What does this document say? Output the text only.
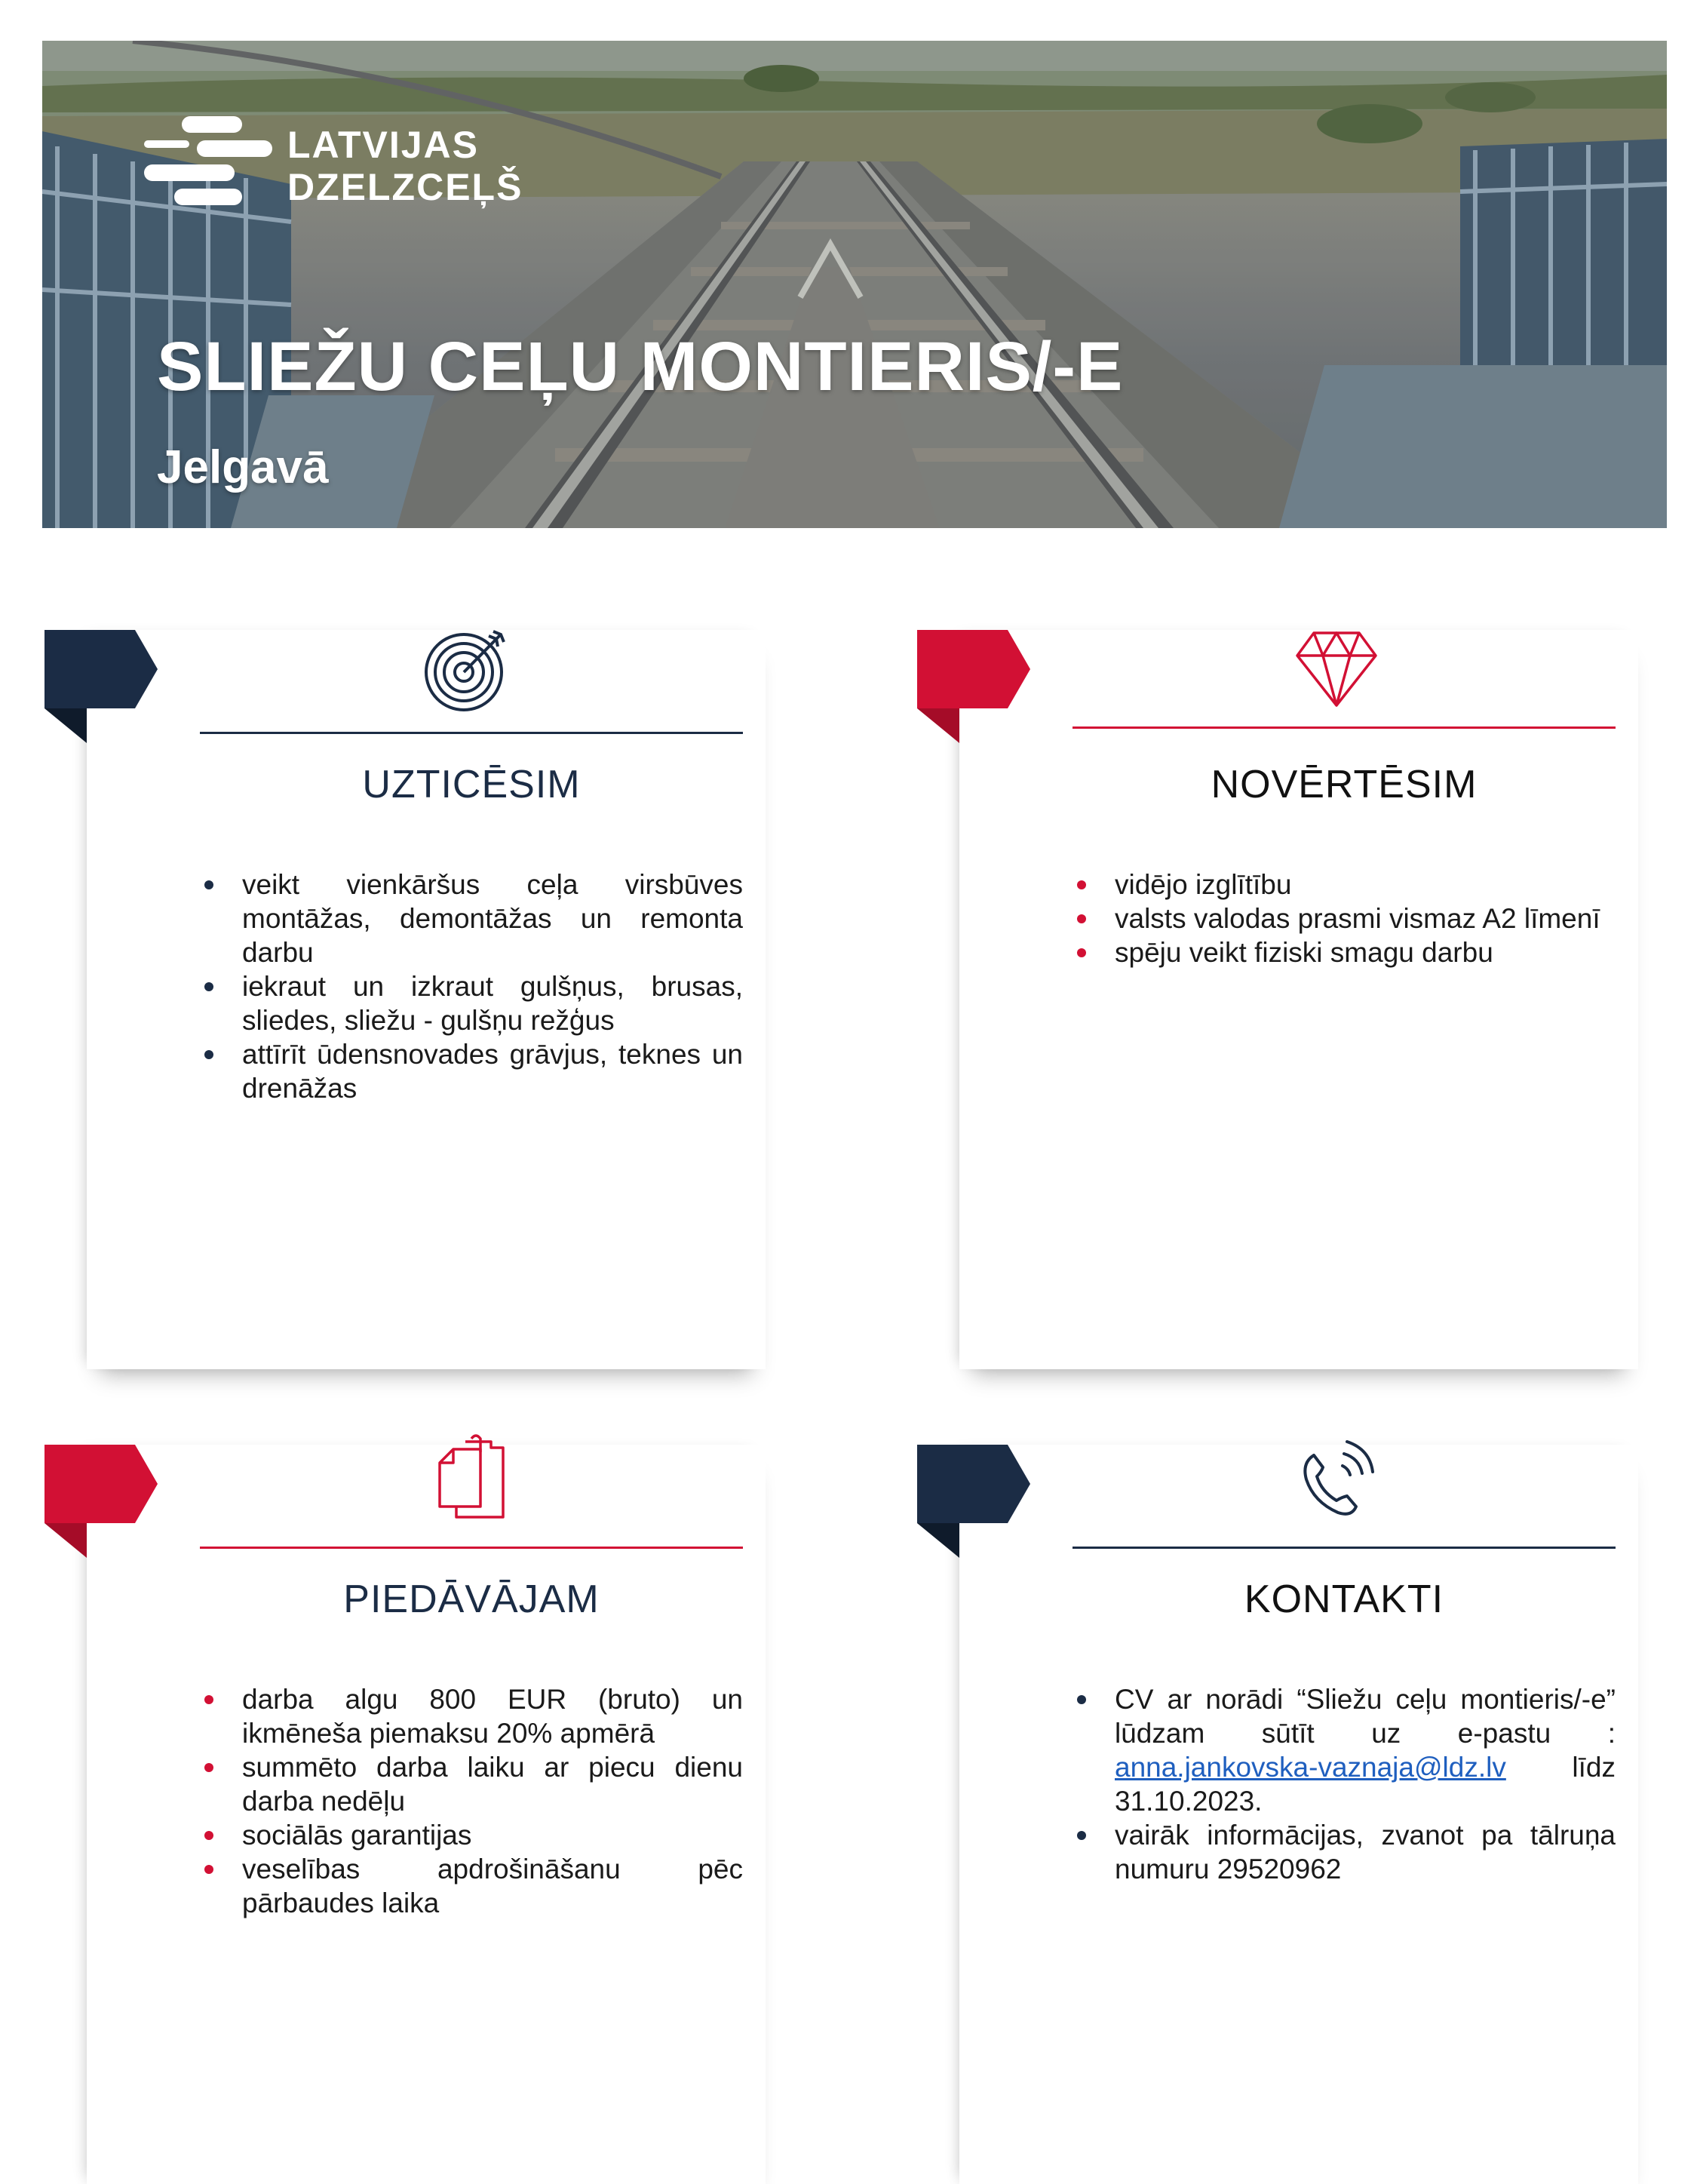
LATVIJAS
DZELZCEĻŠ
SLIEŽU CEĻU MONTIERIS/-E
Jelgavā
UZTICĒSIM
veikt vienkāršus ceļa virsbūves montāžas, demontāžas un remonta darbu
iekraut un izkraut gulšņus, brusas, sliedes, sliežu - gulšņu režģus
attīrīt ūdensnovades grāvjus, teknes un drenāžas
NOVĒRTĒSIM
vidējo izglītību
valsts valodas prasmi vismaz A2 līmenī
spēju veikt fiziski smagu darbu
PIEDĀVĀJAM
darba algu 800 EUR (bruto) un ikmēneša piemaksu 20% apmērā
summēto darba laiku ar piecu dienu darba nedēļu
sociālās garantijas
veselības apdrošināšanu pēc pārbaudes laika
KONTAKTI
CV ar norādi “Sliežu ceļu montieris/-e” lūdzam sūtīt uz e-pastu : anna.jankovska-vaznaja@ldz.lv līdz 31.10.2023.
vairāk informācijas, zvanot pa tālruņa numuru 29520962
